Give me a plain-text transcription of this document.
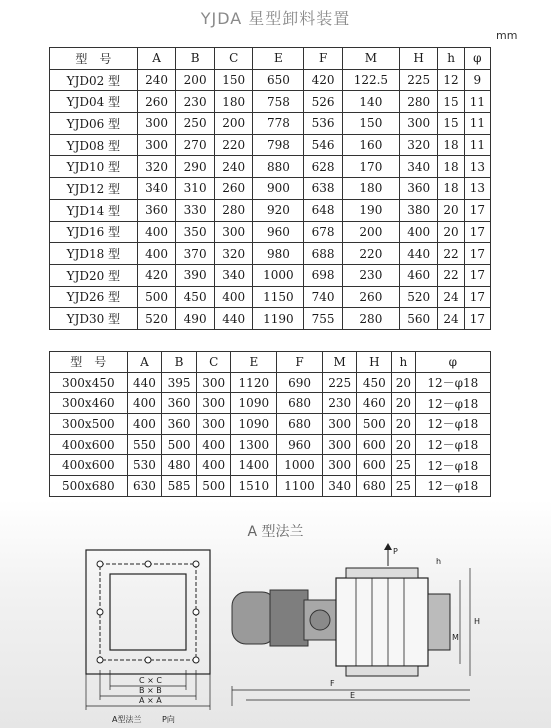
YJDA 星型卸料装置
mm
型　号	A	B	C	E	F	M	H	h	φ
YJD02 型	240	200	150	650	420	122.5	225	12	9
YJD04 型	260	230	180	758	526	140	280	15	11
YJD06 型	300	250	200	778	536	150	300	15	11
YJD08 型	300	270	220	798	546	160	320	18	11
YJD10 型	320	290	240	880	628	170	340	18	13
YJD12 型	340	310	260	900	638	180	360	18	13
YJD14 型	360	330	280	920	648	190	380	20	17
YJD16 型	400	350	300	960	678	200	400	20	17
YJD18 型	400	370	320	980	688	220	440	22	17
YJD20 型	420	390	340	1000	698	230	460	22	17
YJD26 型	500	450	400	1150	740	260	520	24	17
YJD30 型	520	490	440	1190	755	280	560	24	17
型　号	A	B	C	E	F	M	H	h	φ
300x450	440	395	300	1120	690	225	450	20	12－φ18
300x460	400	360	300	1090	680	230	460	20	12－φ18
300x500	400	360	300	1090	680	300	500	20	12－φ18
400x600	550	500	400	1300	960	300	600	20	12－φ18
400x600	530	480	400	1400	1000	300	600	25	12－φ18
500x680	630	585	500	1510	1100	340	680	25	12－φ18
A 型法兰
C × C
B × B
A × A
A型法兰	P向
P
H
M
F
E
h
